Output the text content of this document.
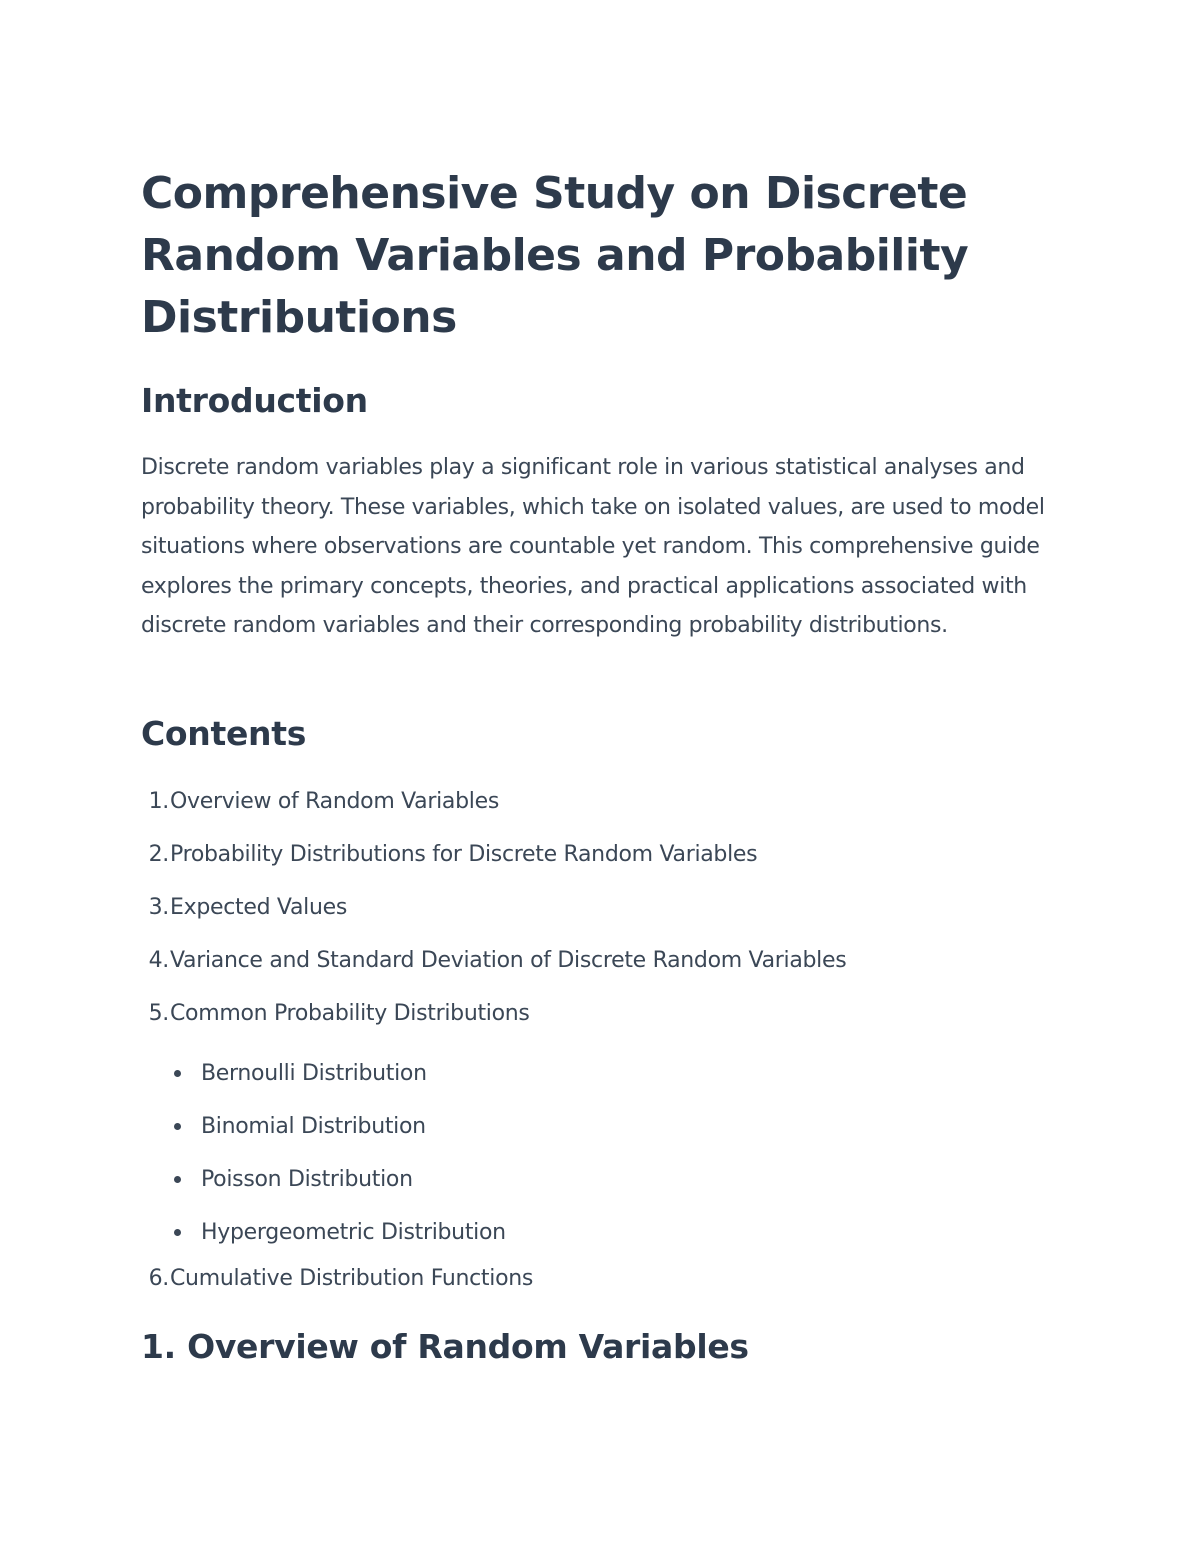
Comprehensive Study on Discrete Random Variables and Probability Distributions
Introduction

Discrete random variables play a significant role in various statistical analyses and probability theory. These variables, which take on isolated values, are used to model situations where observations are countable yet random. This comprehensive guide explores the primary concepts, theories, and practical applications associated with discrete random variables and their corresponding probability distributions.

Contents
1. Overview of Random Variables
2. Probability Distributions for Discrete Random Variables
3. Expected Values
4. Variance and Standard Deviation of Discrete Random Variables
5. Common Probability Distributions
Bernoulli Distribution
Binomial Distribution
Poisson Distribution
Hypergeometric Distribution
6. Cumulative Distribution Functions
1. Overview of Random Variables
